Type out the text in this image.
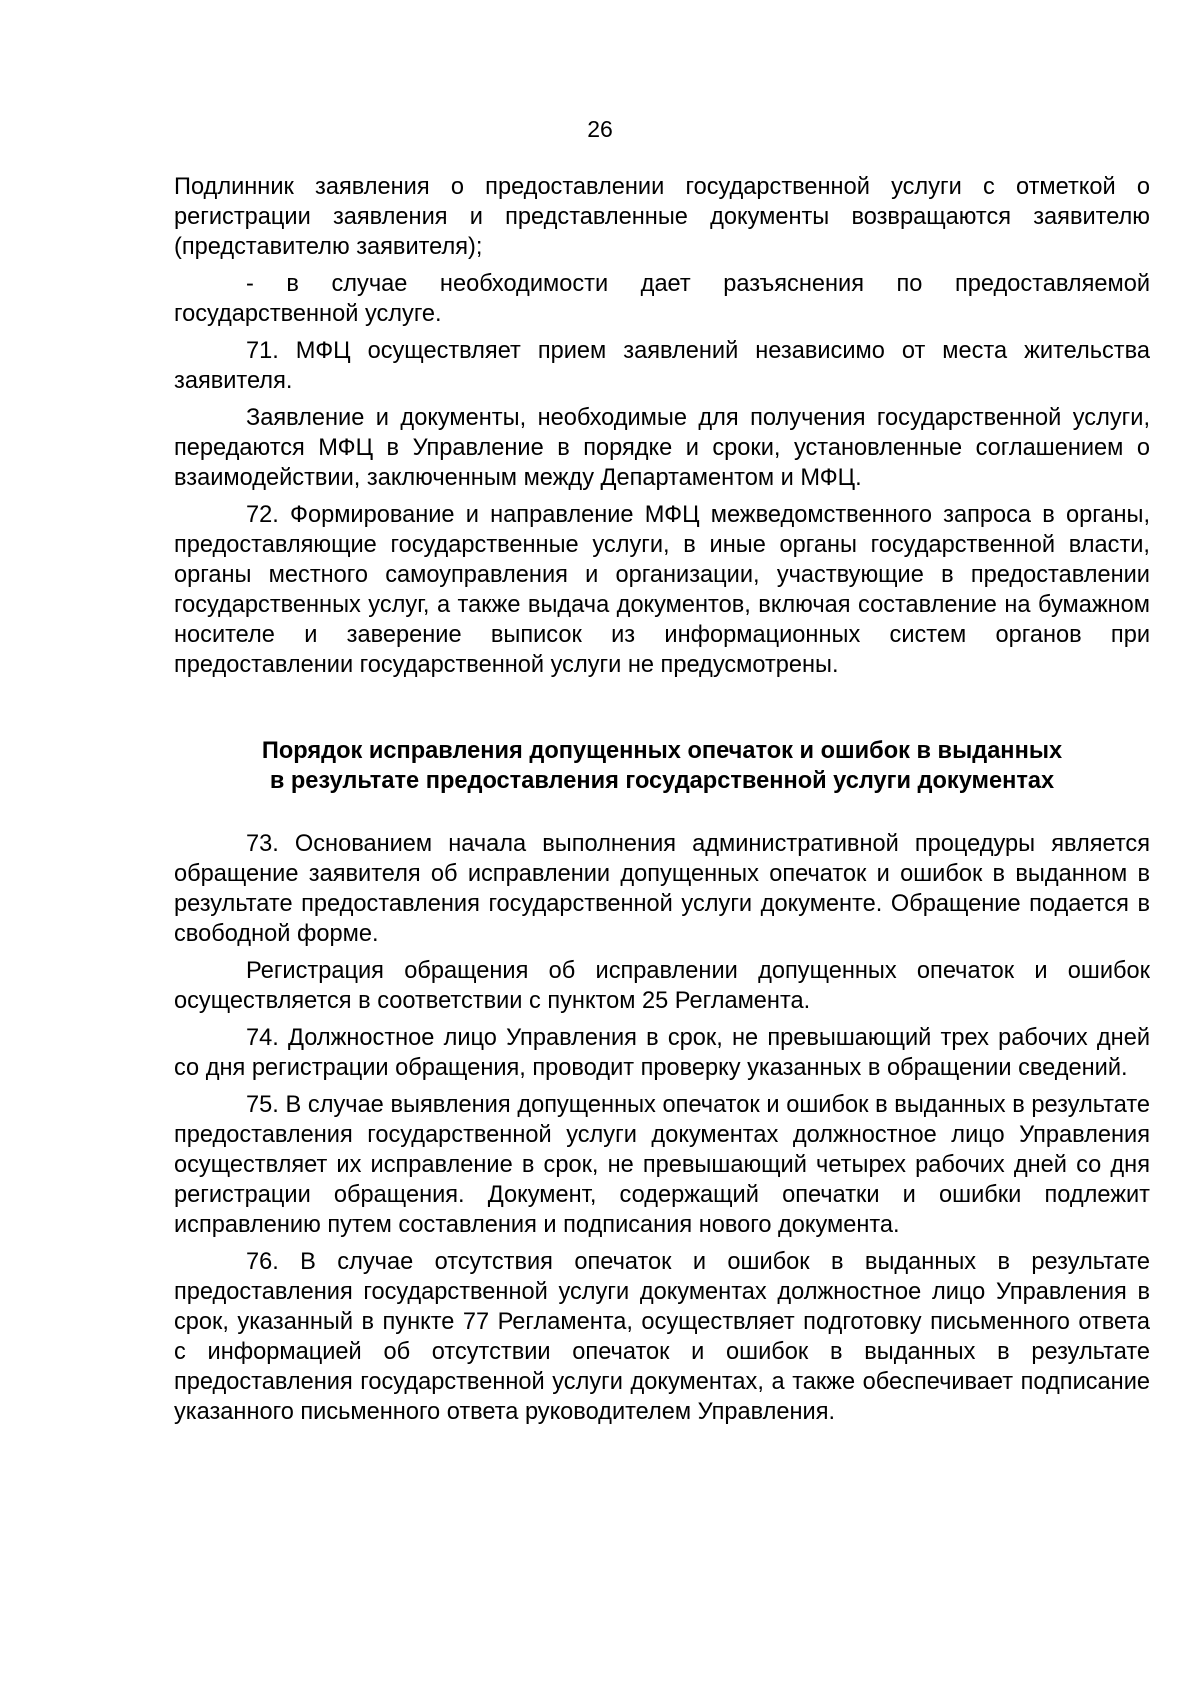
26

Подлинник заявления о предоставлении государственной услуги с отметкой о регистрации заявления и представленные документы возвращаются заявителю (представителю заявителя);

- в случае необходимости дает разъяснения по предоставляемой государственной услуге.

71. МФЦ осуществляет прием заявлений независимо от места жительства заявителя.

Заявление и документы, необходимые для получения государственной услуги, передаются МФЦ в Управление в порядке и сроки, установленные соглашением о взаимодействии, заключенным между Департаментом и МФЦ.

72. Формирование и направление МФЦ межведомственного запроса в органы, предоставляющие государственные услуги, в иные органы государственной власти, органы местного самоуправления и организации, участвующие в предоставлении государственных услуг, а также выдача документов, включая составление на бумажном носителе и заверение выписок из информационных систем органов при предоставлении государственной услуги не предусмотрены.

Порядок исправления допущенных опечаток и ошибок в выданных
в результате предоставления государственной услуги документах

73. Основанием начала выполнения административной процедуры является обращение заявителя об исправлении допущенных опечаток и ошибок в выданном в результате предоставления государственной услуги документе. Обращение подается в свободной форме.

Регистрация обращения об исправлении допущенных опечаток и ошибок осуществляется в соответствии с пунктом 25 Регламента.

74. Должностное лицо Управления в срок, не превышающий трех рабочих дней со дня регистрации обращения, проводит проверку указанных в обращении сведений.

75. В случае выявления допущенных опечаток и ошибок в выданных в результате предоставления государственной услуги документах должностное лицо Управления осуществляет их исправление в срок, не превышающий четырех рабочих дней со дня регистрации обращения. Документ, содержащий опечатки и ошибки подлежит исправлению путем составления и подписания нового документа.

76. В случае отсутствия опечаток и ошибок в выданных в результате предоставления государственной услуги документах должностное лицо Управления в срок, указанный в пункте 77 Регламента, осуществляет подготовку письменного ответа с информацией об отсутствии опечаток и ошибок в выданных в результате предоставления государственной услуги документах, а также обеспечивает подписание указанного письменного ответа руководителем Управления.
